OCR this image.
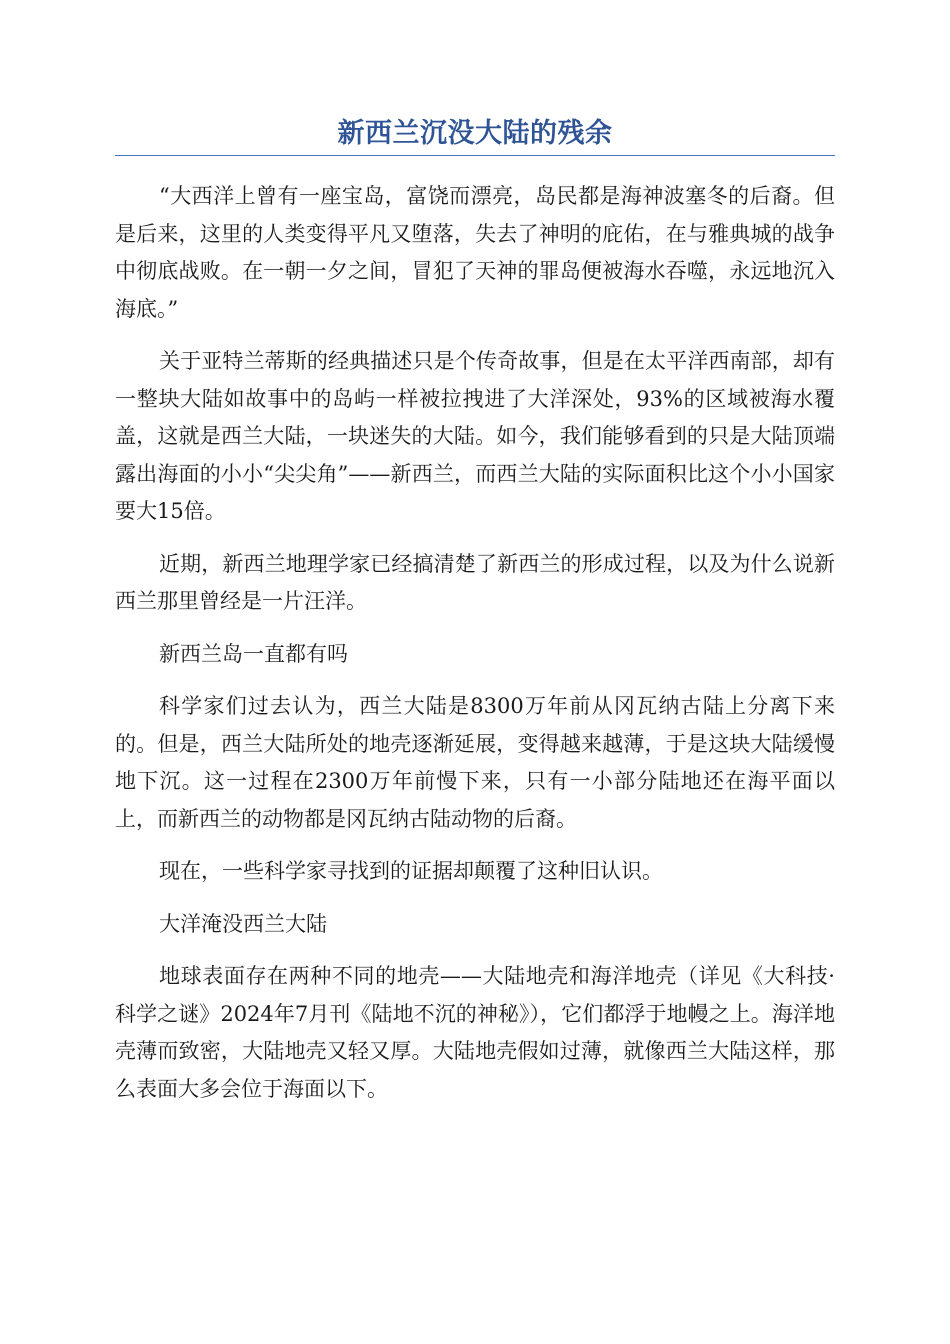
新西兰沉没大陆的残余

“大西洋上曾有一座宝岛，富饶而漂亮，岛民都是海神波塞冬的后裔。但是后来，这里的人类变得平凡又堕落，失去了神明的庇佑，在与雅典城的战争中彻底战败。在一朝一夕之间，冒犯了天神的罪岛便被海水吞噬，永远地沉入海底。”

关于亚特兰蒂斯的经典描述只是个传奇故事，但是在太平洋西南部，却有一整块大陆如故事中的岛屿一样被拉拽进了大洋深处，93%的区域被海水覆盖，这就是西兰大陆，一块迷失的大陆。如今，我们能够看到的只是大陆顶端露出海面的小小“尖尖角”——新西兰，而西兰大陆的实际面积比这个小小国家要大15倍。

近期，新西兰地理学家已经搞清楚了新西兰的形成过程，以及为什么说新西兰那里曾经是一片汪洋。

新西兰岛一直都有吗

科学家们过去认为，西兰大陆是8300万年前从冈瓦纳古陆上分离下来的。但是，西兰大陆所处的地壳逐渐延展，变得越来越薄，于是这块大陆缓慢地下沉。这一过程在2300万年前慢下来，只有一小部分陆地还在海平面以上，而新西兰的动物都是冈瓦纳古陆动物的后裔。

现在，一些科学家寻找到的证据却颠覆了这种旧认识。

大洋淹没西兰大陆

地球表面存在两种不同的地壳——大陆地壳和海洋地壳（详见《大科技·科学之谜》2024年7月刊《陆地不沉的神秘》），它们都浮于地幔之上。海洋地壳薄而致密，大陆地壳又轻又厚。大陆地壳假如过薄，就像西兰大陆这样，那么表面大多会位于海面以下。
